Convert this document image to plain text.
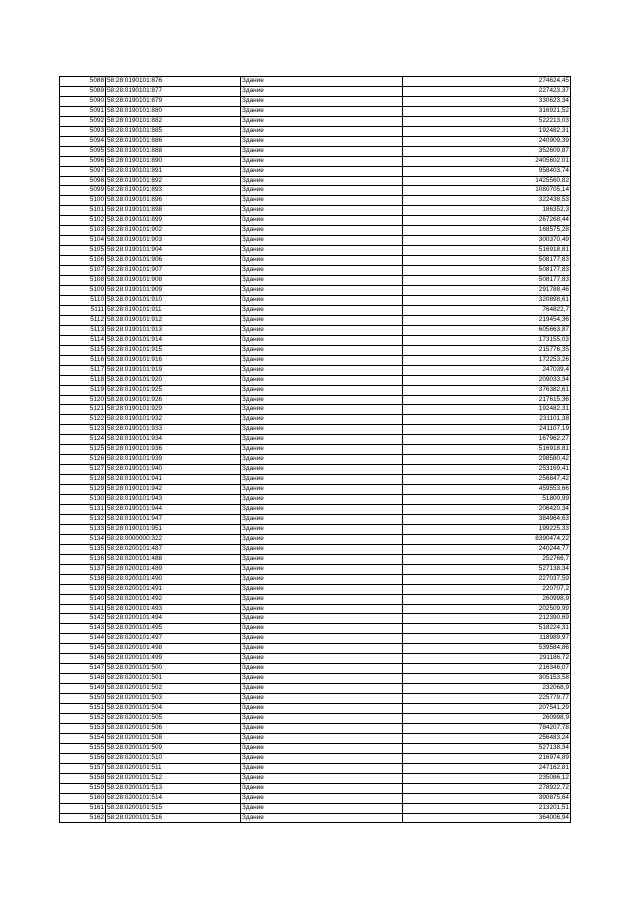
5088	58:28:0190101:876	Здание	274624,45
5089	58:28:0190101:877	Здание	227423,37
5090	58:28:0190101:879	Здание	330623,34
5091	58:28:0190101:880	Здание	316921,52
5092	58:28:0190101:882	Здание	522213,03
5093	58:28:0190101:885	Здание	192482,31
5094	58:28:0190101:886	Здание	240909,39
5095	58:28:0190101:888	Здание	352609,87
5096	58:28:0190101:890	Здание	2405602,01
5097	58:28:0190101:891	Здание	958403,74
5098	58:28:0190101:892	Здание	1425560,82
5099	58:28:0190101:893	Здание	1080705,14
5100	58:28:0190101:896	Здание	322438,53
5101	58:28:0190101:898	Здание	186352,3
5102	58:28:0190101:899	Здание	267268,44
5103	58:28:0190101:902	Здание	168575,28
5104	58:28:0190101:903	Здание	300370,49
5105	58:28:0190101:904	Здание	516918,81
5106	58:28:0190101:906	Здание	508177,83
5107	58:28:0190101:907	Здание	508177,83
5108	58:28:0190101:908	Здание	508177,83
5109	58:28:0190101:909	Здание	291788,46
5110	58:28:0190101:910	Здание	320898,61
5111	58:28:0190101:911	Здание	764822,7
5112	58:28:0190101:912	Здание	219454,36
5113	58:28:0190101:913	Здание	605663,87
5114	58:28:0190101:914	Здание	173155,03
5115	58:28:0190101:915	Здание	215776,35
5116	58:28:0190101:916	Здание	172253,26
5117	58:28:0190101:919	Здание	247039,4
5118	58:28:0190101:920	Здание	209033,34
5119	58:28:0190101:925	Здание	376382,61
5120	58:28:0190101:926	Здание	217615,36
5121	58:28:0190101:929	Здание	192482,31
5122	58:28:0190101:932	Здание	231101,38
5123	58:28:0190101:933	Здание	241107,19
5124	58:28:0190101:934	Здание	167962,27
5125	58:28:0190101:936	Здание	516918,81
5126	58:28:0190101:939	Здание	298580,42
5127	58:28:0190101:940	Здание	253169,41
5128	58:28:0190101:941	Здание	256847,42
5129	58:28:0190101:942	Здание	459553,66
5130	58:28:0190101:943	Здание	51800,99
5131	58:28:0190101:944	Здание	206420,34
5132	58:28:0190101:947	Здание	384964,63
5133	58:28:0190101:951	Здание	199225,33
5134	58:28:0000000:322	Здание	8390474,22
5135	58:28:0200101:487	Здание	240244,77
5136	58:28:0200101:488	Здание	252766,7
5137	58:28:0200101:489	Здание	527138,34
5138	58:28:0200101:490	Здание	227037,59
5139	58:28:0200101:491	Здание	220707,2
5140	58:28:0200101:492	Здание	260998,9
5141	58:28:0200101:493	Здание	202509,99
5142	58:28:0200101:494	Здание	212390,69
5143	58:28:0200101:495	Здание	518224,31
5144	58:28:0200101:497	Здание	118989,97
5145	58:28:0200101:498	Здание	539584,86
5146	58:28:0200101:499	Здание	291186,72
5147	58:28:0200101:500	Здание	216346,07
5148	58:28:0200101:501	Здание	305153,58
5149	58:28:0200101:502	Здание	232068,9
5150	58:28:0200101:503	Здание	225779,77
5151	58:28:0200101:504	Здание	207541,29
5152	58:28:0200101:505	Здание	260998,9
5153	58:28:0200101:506	Здание	784207,78
5154	58:28:0200101:508	Здание	256483,24
5155	58:28:0200101:509	Здание	527138,34
5156	58:28:0200101:510	Здание	216974,89
5157	58:28:0200101:511	Здание	247162,81
5158	58:28:0200101:512	Здание	235086,12
5159	58:28:0200101:513	Здание	278922,72
5160	58:28:0200101:514	Здание	390875,64
5161	58:28:0200101:515	Здание	213201,51
5162	58:28:0200101:516	Здание	364006,94
